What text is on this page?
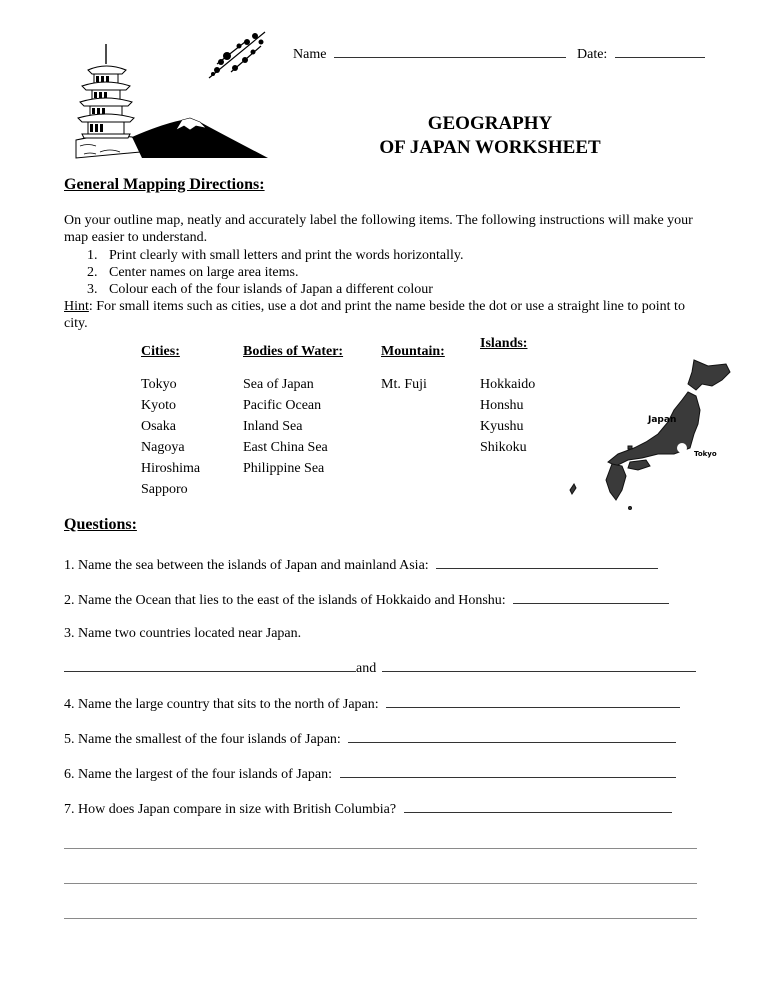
Name	Date:
GEOGRAPHY
OF JAPAN WORKSHEET
General Mapping Directions:
On your outline map, neatly and accurately label the following items. The following instructions will make your map easier to understand.
1. Print clearly with small letters and print the words horizontally.
2. Center names on large area items.
3. Colour each of the four islands of Japan a different colour
Hint: For small items such as cities, use a dot and print the name beside the dot or use a straight line to point to city.
Cities:
Tokyo
Kyoto
Osaka
Nagoya
Hiroshima
Sapporo
Bodies of Water:
Sea of Japan
Pacific Ocean
Inland Sea
East China Sea
Philippine Sea
Mountain:
Mt. Fuji
Islands:
Hokkaido
Honshu
Kyushu
Shikoku
Japan
Tokyo
Questions:
1. Name the sea between the islands of Japan and mainland Asia:
2. Name the Ocean that lies to the east of the islands of Hokkaido and Honshu:
3. Name two countries located near Japan.
and
4. Name the large country that sits to the north of Japan:
5. Name the smallest of the four islands of Japan:
6. Name the largest of the four islands of Japan:
7. How does Japan compare in size with British Columbia?
